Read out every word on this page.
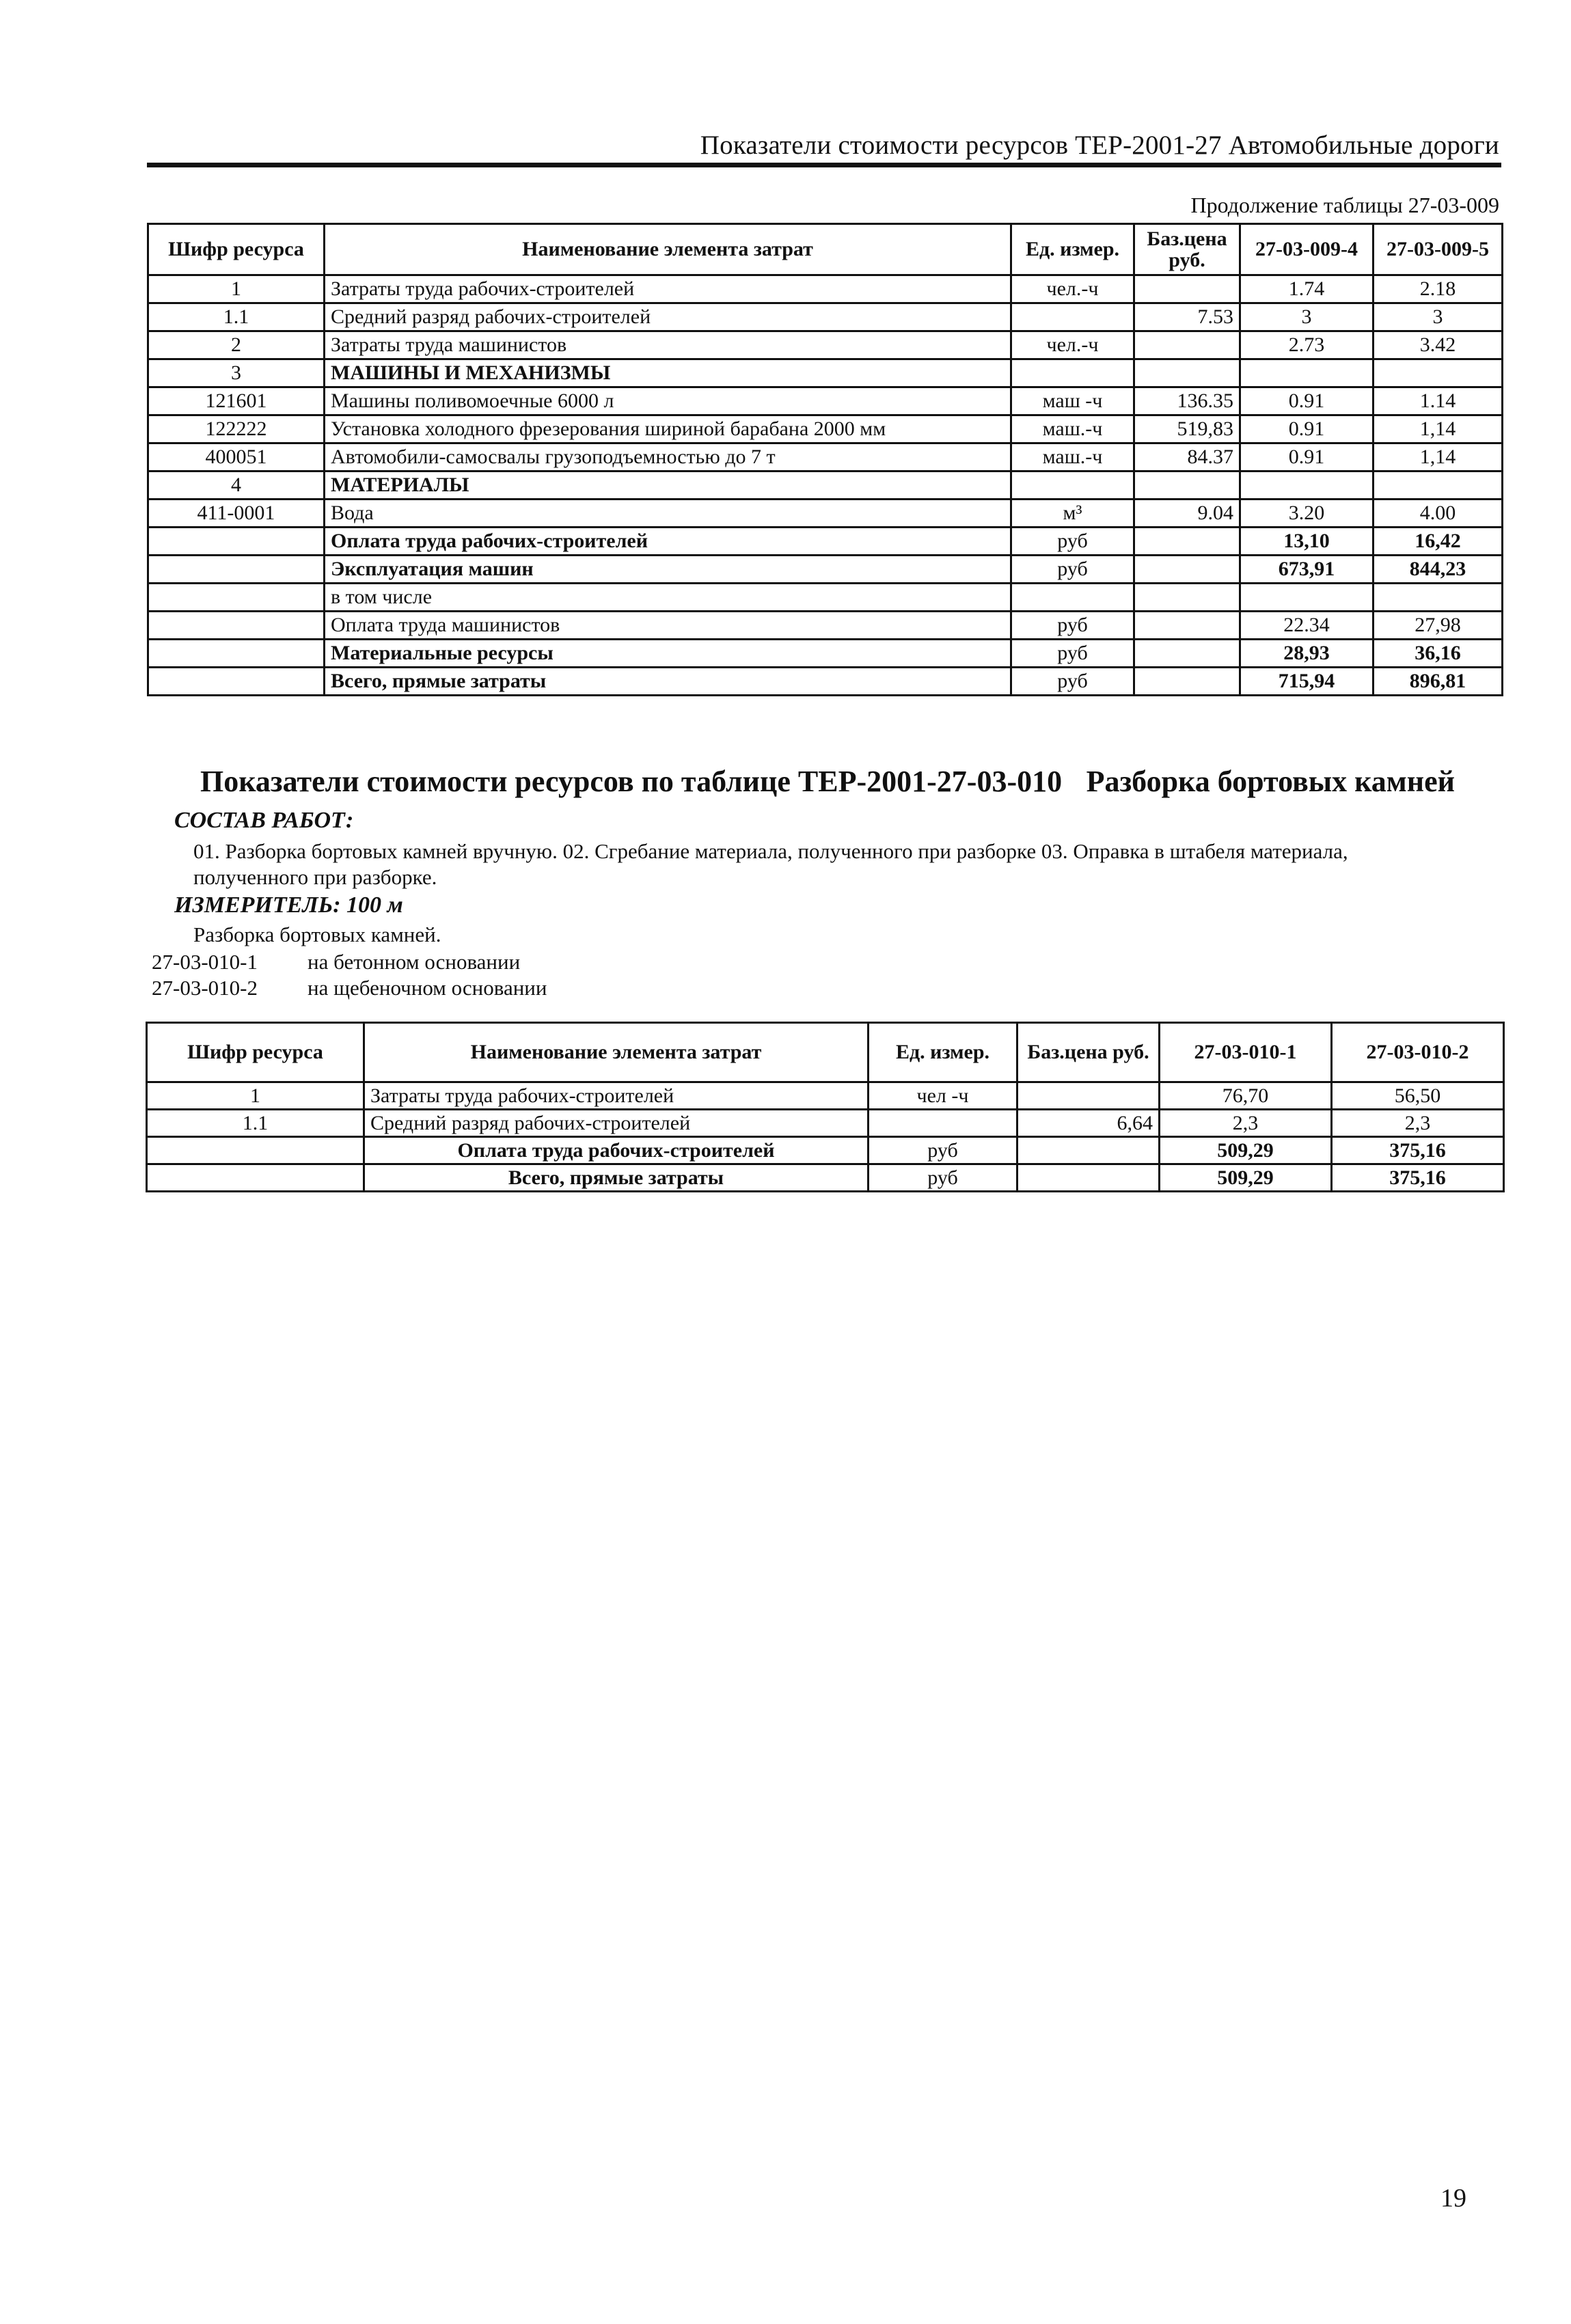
Показатели стоимости ресурсов ТЕР-2001-27 Автомобильные дороги
Продолжение таблицы 27-03-009
Шифр ресурса	Наименование элемента затрат	Ед. измер.	Баз.цена руб.	27-03-009-4	27-03-009-5
1	Затраты труда рабочих-строителей	чел.-ч		1.74	2.18
1.1	Средний разряд рабочих-строителей		7.53	3	3
2	Затраты труда машинистов	чел.-ч		2.73	3.42
3	МАШИНЫ И МЕХАНИЗМЫ				
121601	Машины поливомоечные 6000 л	маш -ч	136.35	0.91	1.14
122222	Установка холодного фрезерования шириной барабана 2000 мм	маш.-ч	519,83	0.91	1,14
400051	Автомобили-самосвалы грузоподъемностью до 7 т	маш.-ч	84.37	0.91	1,14
4	МАТЕРИАЛЫ				
411-0001	Вода	м³	9.04	3.20	4.00
	Оплата труда рабочих-строителей	руб		13,10	16,42
	Эксплуатация машин	руб		673,91	844,23
	в том числе				
	Оплата труда машинистов	руб		22.34	27,98
	Материальные ресурсы	руб		28,93	36,16
	Всего, прямые затраты	руб		715,94	896,81
Показатели стоимости ресурсов по таблице ТЕР-2001-27-03-010 Разборка бортовых камней
СОСТАВ РАБОТ:
01. Разборка бортовых камней вручную. 02. Сгребание материала, полученного при разборке 03. Оправка в штабеля материала,
полученного при разборке.
ИЗМЕРИТЕЛЬ: 100 м
Разборка бортовых камней.
27-03-010-1 на бетонном основании
27-03-010-2 на щебеночном основании
Шифр ресурса	Наименование элемента затрат	Ед. измер.	Баз.цена руб.	27-03-010-1	27-03-010-2
1	Затраты труда рабочих-строителей	чел -ч		76,70	56,50
1.1	Средний разряд рабочих-строителей		6,64	2,3	2,3
	Оплата труда рабочих-строителей	руб		509,29	375,16
	Всего, прямые затраты	руб		509,29	375,16
19
